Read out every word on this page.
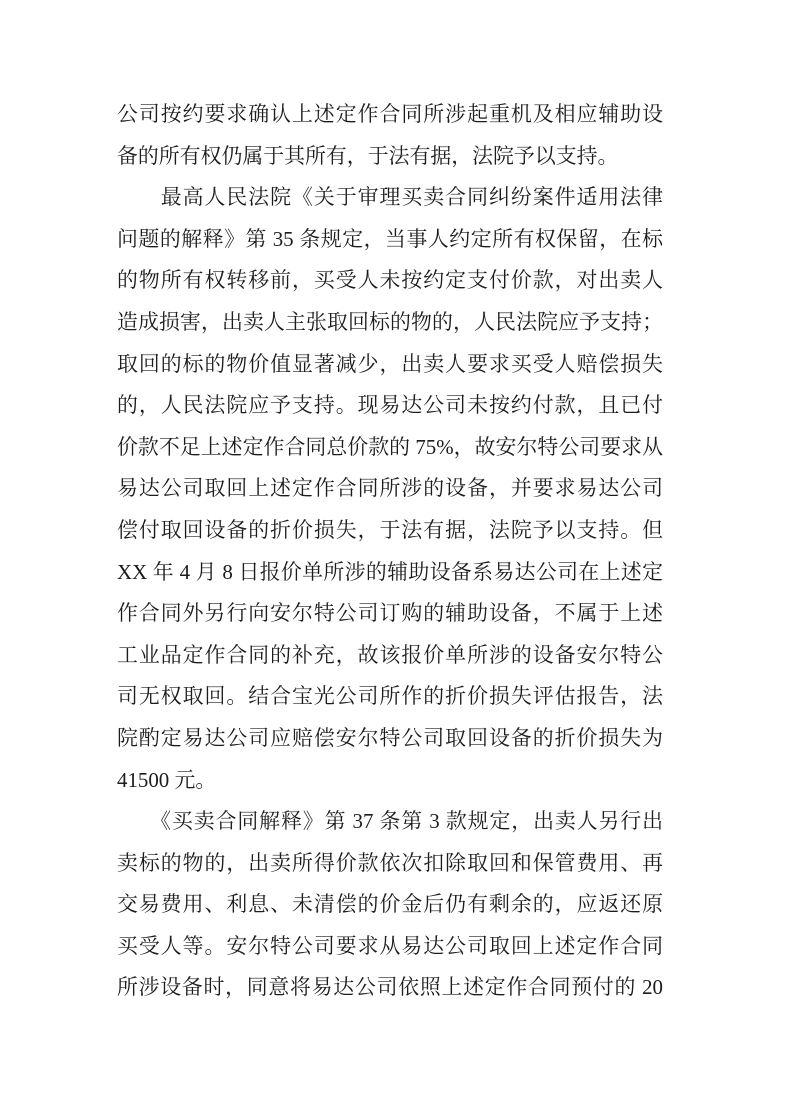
公司按约要求确认上述定作合同所涉起重机及相应辅助设
备的所有权仍属于其所有，于法有据，法院予以支持。
　　最高人民法院《关于审理买卖合同纠纷案件适用法律
问题的解释》第 35 条规定，当事人约定所有权保留，在标
的物所有权转移前，买受人未按约定支付价款，对出卖人
造成损害，出卖人主张取回标的物的，人民法院应予支持；
取回的标的物价值显著减少，出卖人要求买受人赔偿损失
的，人民法院应予支持。现易达公司未按约付款，且已付
价款不足上述定作合同总价款的 75%，故安尔特公司要求从
易达公司取回上述定作合同所涉的设备，并要求易达公司
偿付取回设备的折价损失，于法有据，法院予以支持。但
XX 年 4 月 8 日报价单所涉的辅助设备系易达公司在上述定
作合同外另行向安尔特公司订购的辅助设备，不属于上述
工业品定作合同的补充，故该报价单所涉的设备安尔特公
司无权取回。结合宝光公司所作的折价损失评估报告，法
院酌定易达公司应赔偿安尔特公司取回设备的折价损失为
41500 元。
　　《买卖合同解释》第 37 条第 3 款规定，出卖人另行出
卖标的物的，出卖所得价款依次扣除取回和保管费用、再
交易费用、利息、未清偿的价金后仍有剩余的，应返还原
买受人等。安尔特公司要求从易达公司取回上述定作合同
所涉设备时，同意将易达公司依照上述定作合同预付的 20
